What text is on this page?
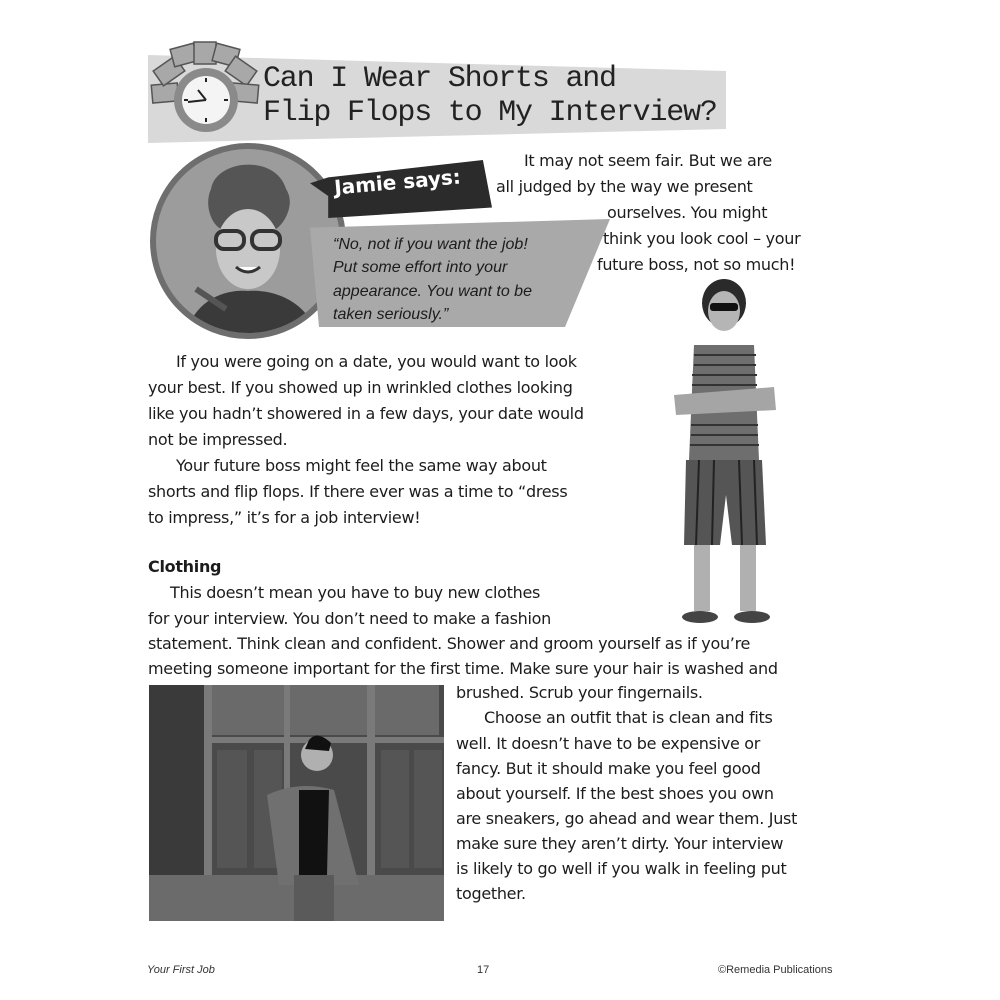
Can I Wear Shorts and
Flip Flops to My Interview?
Jamie says:
“No, not if you want the job!
Put some effort into your
appearance. You want to be
taken seriously.”
It may not seem fair. But we are
all judged by the way we present
ourselves. You might
think you look cool – your
future boss, not so much!
If you were going on a date, you would want to look
your best. If you showed up in wrinkled clothes looking
like you hadn’t showered in a few days, your date would
not be impressed.
Your future boss might feel the same way about
shorts and flip flops. If there ever was a time to “dress
to impress,” it’s for a job interview!
Clothing
This doesn’t mean you have to buy new clothes
for your interview. You don’t need to make a fashion
statement. Think clean and confident. Shower and groom yourself as if you’re
meeting someone important for the first time. Make sure your hair is washed and
brushed. Scrub your fingernails.
Choose an outfit that is clean and fits
well. It doesn’t have to be expensive or
fancy. But it should make you feel good
about yourself. If the best shoes you own
are sneakers, go ahead and wear them. Just
make sure they aren’t dirty. Your interview
is likely to go well if you walk in feeling put
together.
Your First Job	17	©Remedia Publications
